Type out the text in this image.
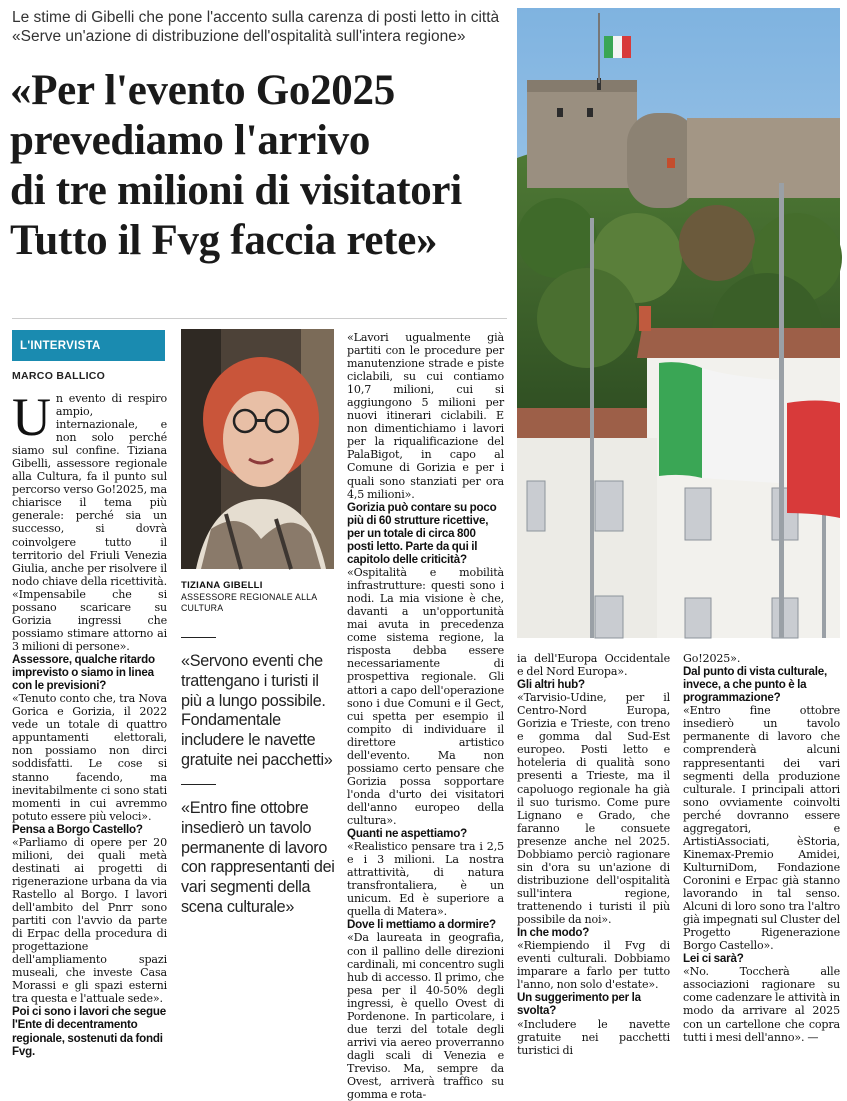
Le stime di Gibelli che pone l'accento sulla carenza di posti letto in città
«Serve un'azione di distribuzione dell'ospitalità sull'intera regione»
«Per l'evento Go2025
prevediamo l'arrivo
di tre milioni di visitatori
Tutto il Fvg faccia rete»
L'INTERVISTA
MARCO BALLICO

Un evento di respiro ampio, internazionale, e non solo perché siamo sul confine. Tiziana Gibelli, assessore regionale alla Cultura, fa il punto sul percorso verso Go!2025, ma chiarisce il tema più generale: perché sia un successo, si dovrà coinvolgere tutto il territorio del Friuli Venezia Giulia, anche per risolvere il nodo chiave della ricettività. «Impensabile che si possano scaricare su Gorizia ingressi che possiamo stimare attorno ai 3 milioni di persone».

Assessore, qualche ritardo imprevisto o siamo in linea con le previsioni?

«Tenuto conto che, tra Nova Gorica e Gorizia, il 2022 vede un totale di quattro appuntamenti elettorali, non possiamo non dirci soddisfatti. Le cose si stanno facendo, ma inevitabilmente ci sono stati momenti in cui avremmo potuto essere più veloci».

Pensa a Borgo Castello?

«Parliamo di opere per 20 milioni, dei quali metà destinati ai progetti di rigenerazione urbana da via Rastello al Borgo. I lavori dell'ambito del Pnrr sono partiti con l'avvio da parte di Erpac della procedura di progettazione dell'ampliamento spazi museali, che investe Casa Morassi e gli spazi esterni tra questa e l'attuale sede».

Poi ci sono i lavori che segue l'Ente di decentramento regionale, sostenuti da fondi Fvg.

TIZIANA GIBELLI
ASSESSORE REGIONALE ALLA CULTURA
«Servono eventi che trattengano i turisti il più a lungo possibile. Fondamentale includere le navette gratuite nei pacchetti»
«Entro fine ottobre insedierò un tavolo permanente di lavoro con rappresentanti dei vari segmenti della scena culturale»

«Lavori ugualmente già partiti con le procedure per manutenzione strade e piste ciclabili, su cui contiamo 10,7 milioni, cui si aggiungono 5 milioni per nuovi itinerari ciclabili. E non dimentichiamo i lavori per la riqualificazione del PalaBigot, in capo al Comune di Gorizia e per i quali sono stanziati per ora 4,5 milioni».

Gorizia può contare su poco più di 60 strutture ricettive, per un totale di circa 800 posti letto. Parte da qui il capitolo delle criticità?

«Ospitalità e mobilità infrastrutture: questi sono i nodi. La mia visione è che, davanti a un'opportunità mai avuta in precedenza come sistema regione, la risposta debba essere necessariamente di prospettiva regionale. Gli attori a capo dell'operazione sono i due Comuni e il Gect, cui spetta per esempio il compito di individuare il direttore artistico dell'evento. Ma non possiamo certo pensare che Gorizia possa sopportare l'onda d'urto dei visitatori dell'anno europeo della cultura».

Quanti ne aspettiamo?

«Realistico pensare tra i 2,5 e i 3 milioni. La nostra attrattività, di natura transfrontaliera, è un unicum. Ed è superiore a quella di Matera».

Dove li mettiamo a dormire?

«Da laureata in geografia, con il pallino delle direzioni cardinali, mi concentro sugli hub di accesso. Il primo, che pesa per il 40-50% degli ingressi, è quello Ovest di Pordenone. In particolare, i due terzi del totale degli arrivi via aereo proverranno dagli scali di Venezia e Treviso. Ma, sempre da Ovest, arriverà traffico su gomma e rota-

ia dell'Europa Occidentale e del Nord Europa».

Gli altri hub?

«Tarvisio-Udine, per il Centro-Nord Europa, Gorizia e Trieste, con treno e gomma dal Sud-Est europeo. Posti letto e hoteleria di qualità sono presenti a Trieste, ma il capoluogo regionale ha già il suo turismo. Come pure Lignano e Grado, che faranno le consuete presenze anche nel 2025. Dobbiamo perciò ragionare sin d'ora su un'azione di distribuzione dell'ospitalità sull'intera regione, trattenendo i turisti il più possibile da noi».

In che modo?

«Riempiendo il Fvg di eventi culturali. Dobbiamo imparare a farlo per tutto l'anno, non solo d'estate».

Un suggerimento per la svolta?

«Includere le navette gratuite nei pacchetti turistici di

Go!2025».

Dal punto di vista culturale, invece, a che punto è la programmazione?

«Entro fine ottobre insedierò un tavolo permanente di lavoro che comprenderà alcuni rappresentanti dei vari segmenti della produzione culturale. I principali attori sono ovviamente coinvolti perché dovranno essere aggregatori, e ArtistiAssociati, èStoria, Kinemax-Premio Amidei, KulturniDom, Fondazione Coronini e Erpac già stanno lavorando in tal senso. Alcuni di loro sono tra l'altro già impegnati sul Cluster del Progetto Rigenerazione Borgo Castello».

Lei ci sarà?

«No. Toccherà alle associazioni ragionare su come cadenzare le attività in modo da arrivare al 2025 con un cartellone che copra tutti i mesi dell'anno». —
